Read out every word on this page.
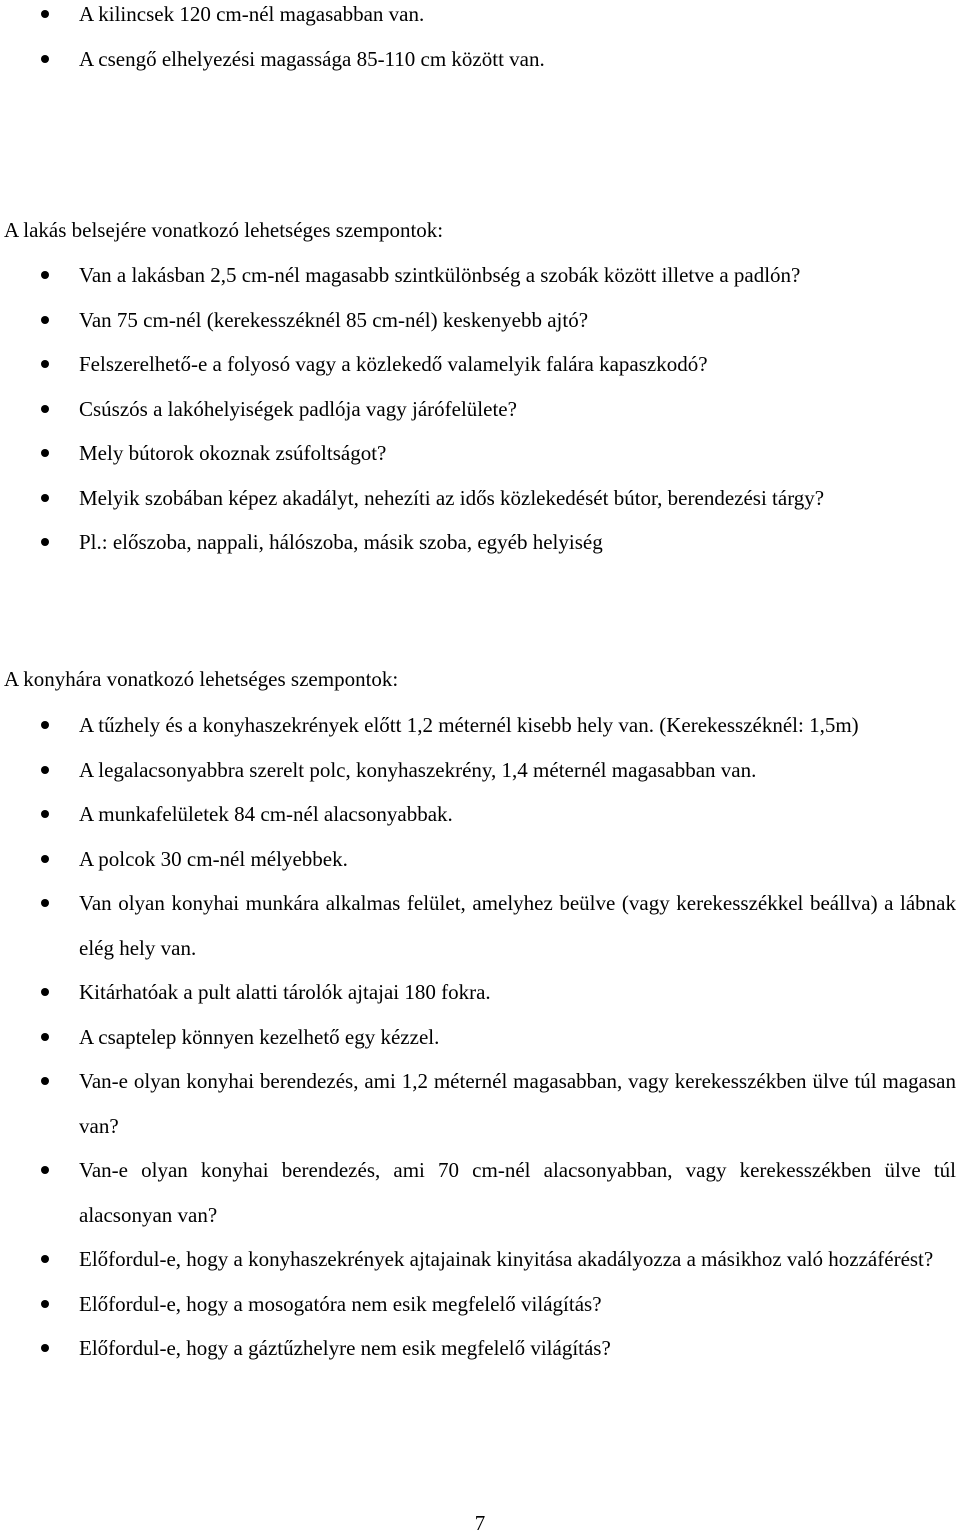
A kilincsek 120 cm-nél magasabban van.
A csengő elhelyezési magassága 85-110 cm között van.
A lakás belsejére vonatkozó lehetséges szempontok:
Van a lakásban 2,5 cm-nél magasabb szintkülönbség a szobák között illetve a padlón?
Van 75 cm-nél (kerekesszéknél 85 cm-nél) keskenyebb ajtó?
Felszerelhető-e a folyosó vagy a közlekedő valamelyik falára kapaszkodó?
Csúszós a lakóhelyiségek padlója vagy járófelülete?
Mely bútorok okoznak zsúfoltságot?
Melyik szobában képez akadályt, nehezíti az idős közlekedését bútor, berendezési tárgy?
Pl.: előszoba, nappali, hálószoba, másik szoba, egyéb helyiség
A konyhára vonatkozó lehetséges szempontok:
A tűzhely és a konyhaszekrények előtt 1,2 méternél kisebb hely van. (Kerekesszéknél: 1,5m)
A legalacsonyabbra szerelt polc, konyhaszekrény, 1,4 méternél magasabban van.
A munkafelületek 84 cm-nél alacsonyabbak.
A polcok 30 cm-nél mélyebbek.
Van olyan konyhai munkára alkalmas felület, amelyhez beülve (vagy kerekesszékkel beállva) a lábnak elég hely van.
Kitárhatóak a pult alatti tárolók ajtajai 180 fokra.
A csaptelep könnyen kezelhető egy kézzel.
Van-e olyan konyhai berendezés, ami 1,2 méternél magasabban, vagy kerekesszékben ülve túl magasan van?
Van-e olyan konyhai berendezés, ami 70 cm-nél alacsonyabban, vagy kerekesszékben ülve túl alacsonyan van?
Előfordul-e, hogy a konyhaszekrények ajtajainak kinyitása akadályozza a másikhoz való hozzáférést?
Előfordul-e, hogy a mosogatóra nem esik megfelelő világítás?
Előfordul-e, hogy a gáztűzhelyre nem esik megfelelő világítás?
7
